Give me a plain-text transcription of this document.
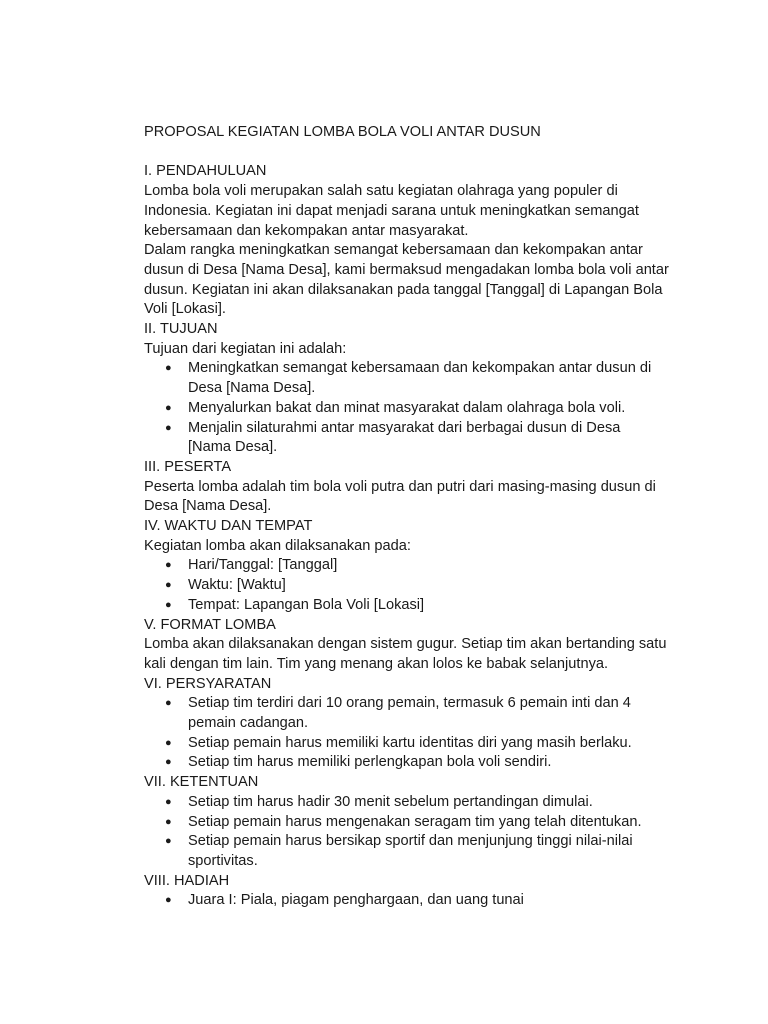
PROPOSAL KEGIATAN LOMBA BOLA VOLI ANTAR DUSUN

I. PENDAHULUAN

Lomba bola voli merupakan salah satu kegiatan olahraga yang populer di Indonesia. Kegiatan ini dapat menjadi sarana untuk meningkatkan semangat kebersamaan dan kekompakan antar masyarakat.

Dalam rangka meningkatkan semangat kebersamaan dan kekompakan antar dusun di Desa [Nama Desa], kami bermaksud mengadakan lomba bola voli antar dusun. Kegiatan ini akan dilaksanakan pada tanggal [Tanggal] di Lapangan Bola Voli [Lokasi].

II. TUJUAN

Tujuan dari kegiatan ini adalah:

● Meningkatkan semangat kebersamaan dan kekompakan antar dusun di Desa [Nama Desa].
● Menyalurkan bakat dan minat masyarakat dalam olahraga bola voli.
● Menjalin silaturahmi antar masyarakat dari berbagai dusun di Desa [Nama Desa].

III. PESERTA

Peserta lomba adalah tim bola voli putra dan putri dari masing-masing dusun di Desa [Nama Desa].

IV. WAKTU DAN TEMPAT

Kegiatan lomba akan dilaksanakan pada:

● Hari/Tanggal: [Tanggal]
● Waktu: [Waktu]
● Tempat: Lapangan Bola Voli [Lokasi]

V. FORMAT LOMBA

Lomba akan dilaksanakan dengan sistem gugur. Setiap tim akan bertanding satu kali dengan tim lain. Tim yang menang akan lolos ke babak selanjutnya.

VI. PERSYARATAN

● Setiap tim terdiri dari 10 orang pemain, termasuk 6 pemain inti dan 4 pemain cadangan.
● Setiap pemain harus memiliki kartu identitas diri yang masih berlaku.
● Setiap tim harus memiliki perlengkapan bola voli sendiri.

VII. KETENTUAN

● Setiap tim harus hadir 30 menit sebelum pertandingan dimulai.
● Setiap pemain harus mengenakan seragam tim yang telah ditentukan.
● Setiap pemain harus bersikap sportif dan menjunjung tinggi nilai-nilai sportivitas.

VIII. HADIAH

● Juara I: Piala, piagam penghargaan, dan uang tunai
